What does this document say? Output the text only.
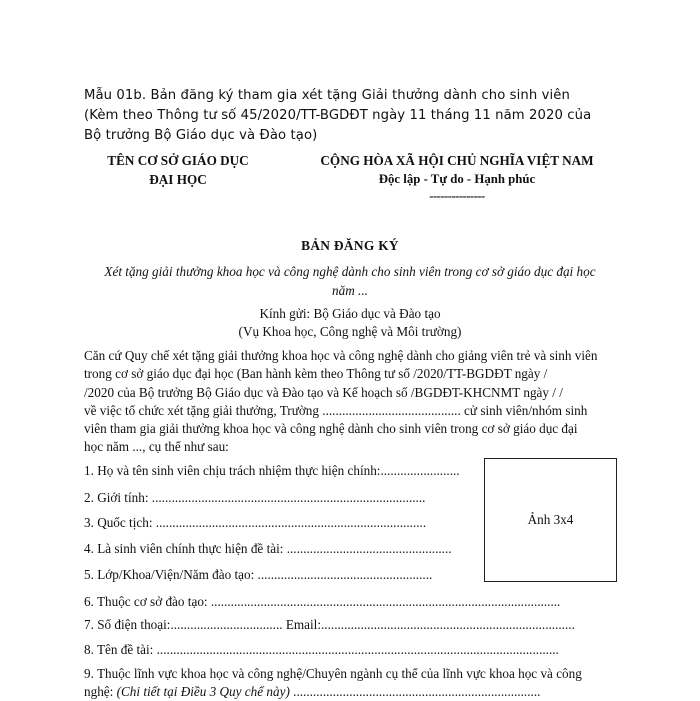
Mẫu 01b. Bản đăng ký tham gia xét tặng Giải thưởng dành cho sinh viên
(Kèm theo Thông tư số 45/2020/TT-BGDĐT ngày 11 tháng 11 năm 2020 của
Bộ trưởng Bộ Giáo dục và Đào tạo)
TÊN CƠ SỞ GIÁO DỤC
ĐẠI HỌC
CỘNG HÒA XÃ HỘI CHỦ NGHĨA VIỆT NAM
Độc lập - Tự do - Hạnh phúc
---------------
BẢN ĐĂNG KÝ
Xét tặng giải thưởng khoa học và công nghệ dành cho sinh viên trong cơ sở giáo dục đại học
năm ...
Kính gửi: Bộ Giáo dục và Đào tạo
(Vụ Khoa học, Công nghệ và Môi trường)
Căn cứ Quy chế xét tặng giải thưởng khoa học và công nghệ dành cho giảng viên trẻ và sinh viên
trong cơ sở giáo dục đại học (Ban hành kèm theo Thông tư số /2020/TT-BGDĐT ngày /
/2020 của Bộ trưởng Bộ Giáo dục và Đào tạo và Kế hoạch số /BGDĐT-KHCNMT ngày / /
về việc tổ chức xét tặng giải thưởng, Trường .......................................... cử sinh viên/nhóm sinh
viên tham gia giải thưởng khoa học và công nghệ dành cho sinh viên trong cơ sở giáo dục đại
học năm ..., cụ thể như sau:
1. Họ và tên sinh viên chịu trách nhiệm thực hiện chính:........................
2. Giới tính: ...................................................................................
3. Quốc tịch: ..................................................................................
4. Là sinh viên chính thực hiện đề tài: ..................................................
5. Lớp/Khoa/Viện/Năm đào tạo: .....................................................
Ảnh 3x4
6. Thuộc cơ sở đào tạo: ..........................................................................................................
7. Số điện thoại:.................................. Email:.............................................................................
8. Tên đề tài: ..........................................................................................................................
9. Thuộc lĩnh vực khoa học và công nghệ/Chuyên ngành cụ thể của lĩnh vực khoa học và công
nghệ: (Chi tiết tại Điều 3 Quy chế này) ...........................................................................
